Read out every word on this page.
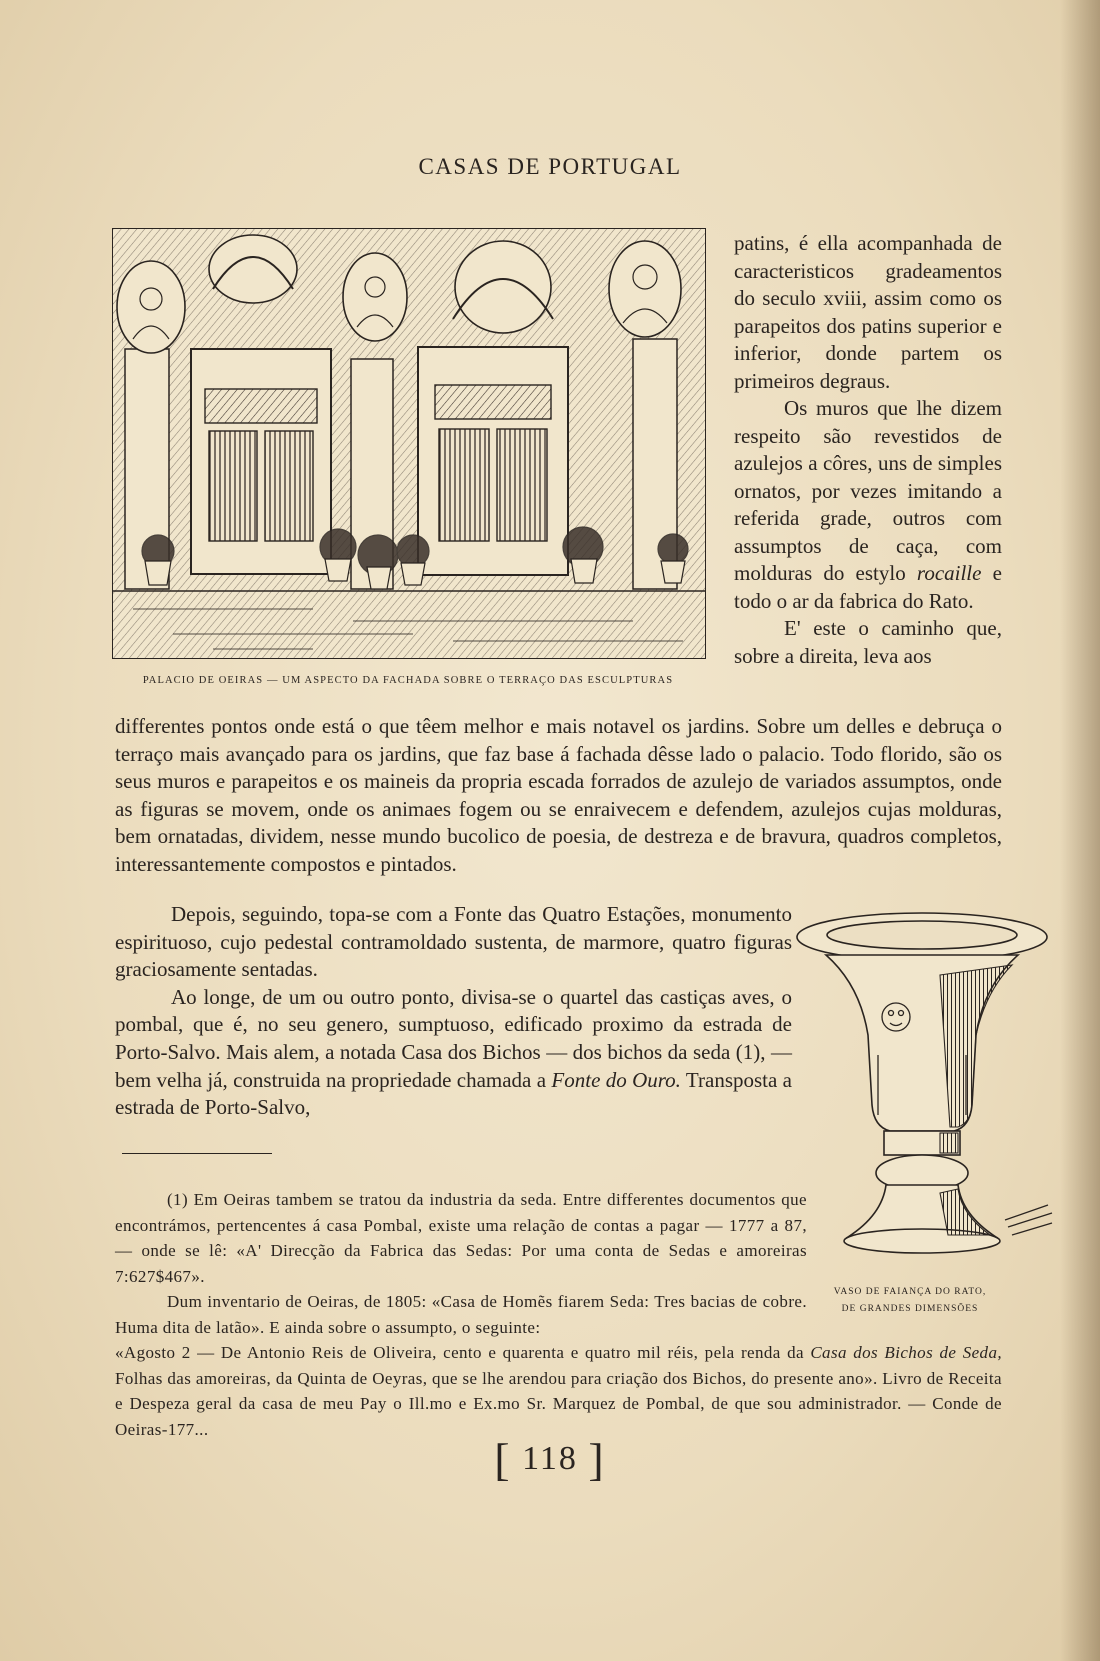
CASAS DE PORTUGAL
PALACIO DE OEIRAS — UM ASPECTO DA FACHADA SOBRE O TERRAÇO DAS ESCULPTURAS

patins, é ella acompanhada de caracteristicos gradeamentos do seculo xviii, assim como os parapeitos dos patins superior e inferior, donde partem os primeiros degraus.

Os muros que lhe dizem respeito são revestidos de azulejos a côres, uns de simples ornatos, por vezes imitando a referida grade, outros com assumptos de caça, com molduras do estylo rocaille e todo o ar da fabrica do Rato.

E' este o caminho que, sobre a direita, leva aos

differentes pontos onde está o que têem melhor e mais notavel os jardins. Sobre um delles e debruça o terraço mais avançado para os jardins, que faz base á fachada dêsse lado o palacio. Todo florido, são os seus muros e parapeitos e os maineis da propria escada forrados de azulejo de variados assumptos, onde as figuras se movem, onde os animaes fogem ou se enraivecem e defendem, azulejos cujas molduras, bem ornatadas, dividem, nesse mundo bucolico de poesia, de destreza e de bravura, quadros completos, interessantemente compostos e pintados.

Depois, seguindo, topa-se com a Fonte das Quatro Estações, monumento espirituoso, cujo pedestal contramoldado sustenta, de marmore, quatro figuras graciosamente sentadas.

Ao longe, de um ou outro ponto, divisa-se o quartel das castiças aves, o pombal, que é, no seu genero, sumptuoso, edificado proximo da estrada de Porto-Salvo. Mais alem, a notada Casa dos Bichos — dos bichos da seda (1), — bem velha já, construida na propriedade chamada a Fonte do Ouro. Transposta a estrada de Porto-Salvo,

VASO DE FAIANÇA DO RATO,
DE GRANDES DIMENSÕES

(1) Em Oeiras tambem se tratou da industria da seda. Entre differentes documentos que encontrámos, pertencentes á casa Pombal, existe uma relação de contas a pagar — 1777 a 87, — onde se lê: «A' Direcção da Fabrica das Sedas: Por uma conta de Sedas e amoreiras 7:627$467».

Dum inventario de Oeiras, de 1805: «Casa de Homẽs fiarem Seda: Tres bacias de cobre. Huma dita de latão». E ainda sobre o assumpto, o seguinte:

«Agosto 2 — De Antonio Reis de Oliveira, cento e quarenta e quatro mil réis, pela renda da Casa dos Bichos de Seda, Folhas das amoreiras, da Quinta de Oeyras, que se lhe arendou para criação dos Bichos, do presente ano». Livro de Receita e Despeza geral da casa de meu Pay o Ill.mo e Ex.mo Sr. Marquez de Pombal, de que sou administrador. — Conde de Oeiras-177...

[ 118 ]
